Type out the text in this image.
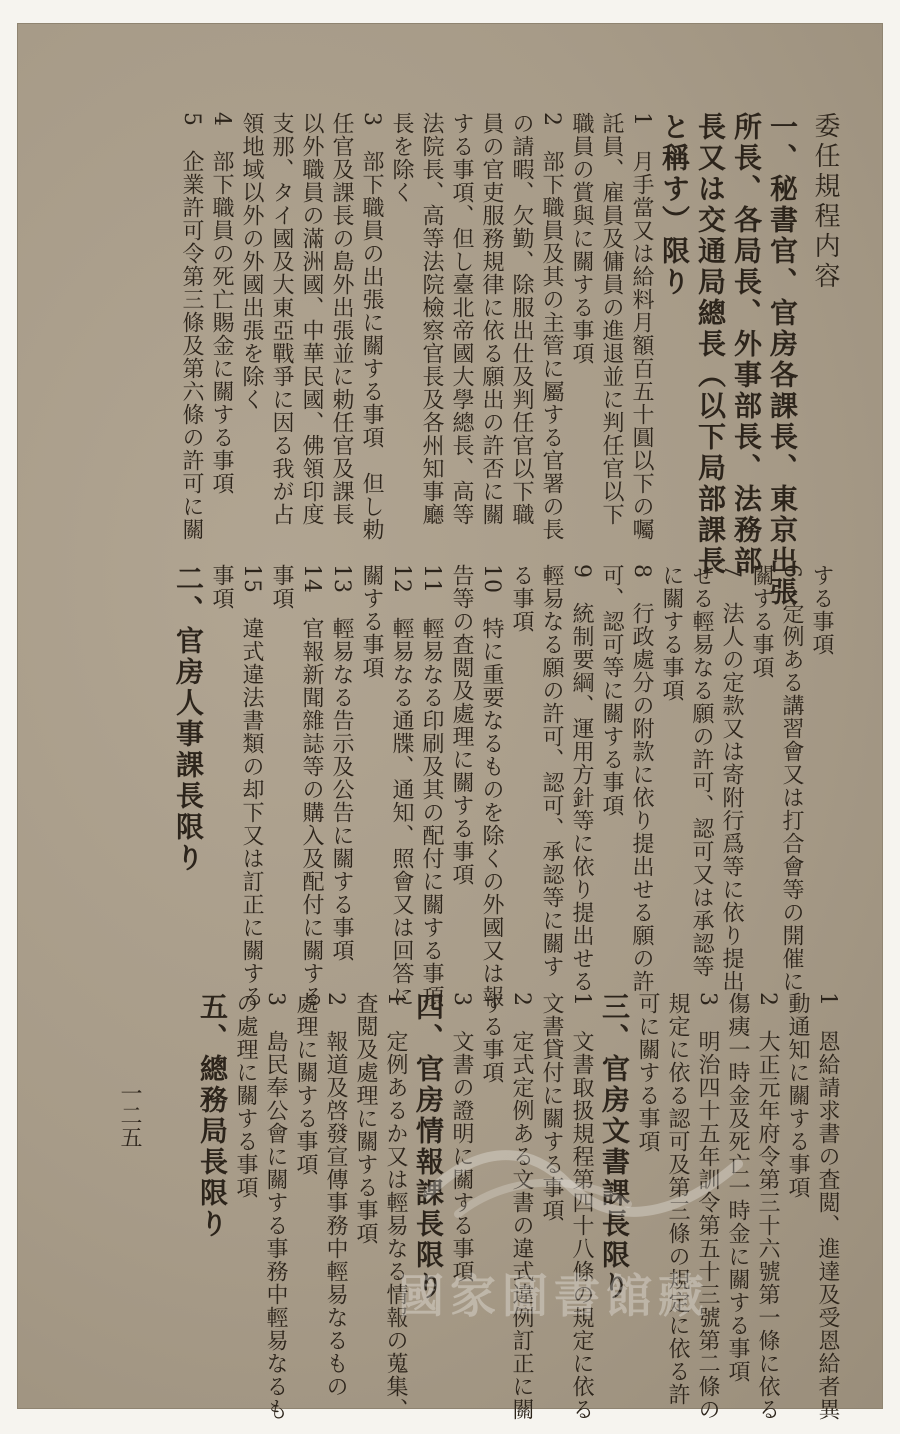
委任規程内容

一、秘書官、官房各課長、東京出張

所長、各局長、外事部長、法務部

長又は交通局總長（以下局部課長

と稱す）限り

1　月手當又は給料月額百五十圓以下の囑

託員、雇員及傭員の進退並に判任官以下

職員の賞與に關する事項

2　部下職員及其の主管に屬する官署の長

の請暇、欠勤、除服出仕及判任官以下職

員の官吏服務規律に依る願出の許否に關

する事項、但し臺北帝國大學總長、高等

法院長、高等法院檢察官長及各州知事廳

長を除く

3　部下職員の出張に關する事項　但し勅

任官及課長の島外出張並に勅任官及課長

以外職員の滿洲國、中華民國、佛領印度

支那、タイ國及大東亞戰爭に因る我が占

領地域以外の外國出張を除く

4　部下職員の死亡賜金に關する事項

5　企業許可令第三條及第六條の許可に關

する事項

6　定例ある講習會又は打合會等の開催に

關する事項

7　法人の定款又は寄附行爲等に依り提出

せる輕易なる願の許可、認可又は承認等

に關する事項

8　行政處分の附款に依り提出せる願の許

可、認可等に關する事項

9　統制要綱、運用方針等に依り提出せる

輕易なる願の許可、認可、承認等に關す

る事項

10　特に重要なるものを除くの外國又は報

告等の査閲及處理に關する事項

11　輕易なる印刷及其の配付に關する事項

12　輕易なる通牒、通知、照會又は回答に

關する事項

13　輕易なる告示及公告に關する事項

14　官報新聞雜誌等の購入及配付に關する

事項

15　違式違法書類の却下又は訂正に關する

事項

二、官房人事課長限り

1　恩給請求書の査閲、進達及受恩給者異

動通知に關する事項

2　大正元年府令第三十六號第一條に依る

傷痍一時金及死亡一時金に關する事項

3　明治四十五年訓令第五十三號第二條の

規定に依る認可及第三條の規定に依る許

可に關する事項

三、官房文書課長限り

1　文書取扱規程第四十八條の規定に依る

文書貸付に關する事項

2　定式定例ある文書の違式違例訂正に關

する事項

3　文書の證明に關する事項

四、官房情報課長限り

1　定例あるか又は輕易なる情報の蒐集、

査閲及處理に關する事項

2　報道及啓發宣傳事務中輕易なるもの

處理に關する事項

3　島民奉公會に關する事務中輕易なるも

の處理に關する事項

五、總務局長限り

一二五
國家圖書館藏
